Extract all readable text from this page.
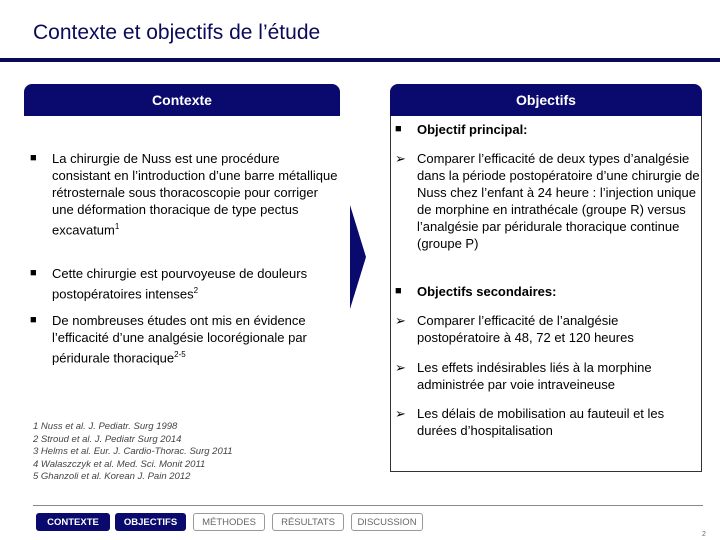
Contexte et objectifs de l’étude
Contexte	Objectifs
■ La chirurgie de Nuss est une procédure consistant en l’introduction d’une barre métallique rétrosternale sous thoracoscopie pour corriger une déformation thoracique de type pectus excavatum$^1$
■ Cette chirurgie est pourvoyeuse de douleurs postopératoires intenses$^2$
■ De nombreuses études ont mis en évidence l’efficacité d’une analgésie locorégionale par péridurale thoracique$^{2-5}$
■ Objectif principal:
➢ Comparer l’efficacité de deux types d’analgésie dans la période postopératoire d’une chirurgie de Nuss chez l’enfant à 24 heure : l’injection unique de morphine en intrathécale (groupe R) versus l’analgésie par péridurale thoracique continue (groupe P)
■ Objectifs secondaires:
➢ Comparer l’efficacité de l’analgésie postopératoire à 48, 72 et 120 heures
➢ Les effets indésirables liés à la morphine administrée par voie intraveineuse
➢ Les délais de mobilisation au fauteuil et les durées d’hospitalisation
1 Nuss et al. J. Pediatr. Surg 1998
2 Stroud et al. J. Pediatr Surg 2014
3 Helms et al. Eur. J. Cardio-Thorac. Surg 2011
4 Walaszczyk et al. Med. Sci. Monit 2011
5 Ghanzoli et al. Korean J. Pain 2012
CONTEXTE	OBJECTIFS	MÉTHODES	RÉSULTATS	DISCUSSION
2
